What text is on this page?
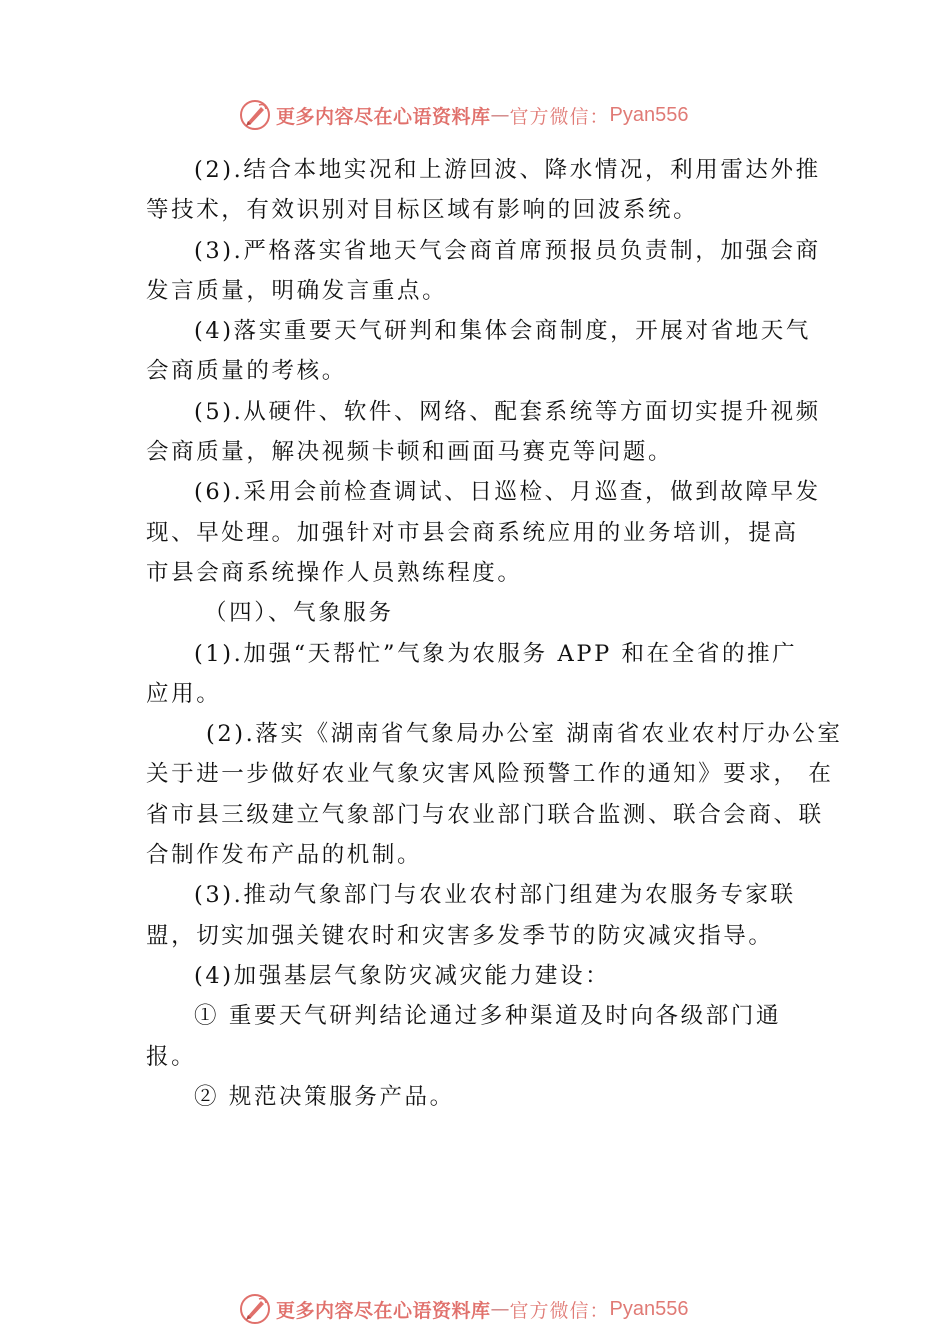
更多内容尽在心语资料库 — 官方微信： Pyan556
(2).结合本地实况和上游回波、降水情况，利用雷达外推
等技术，有效识别对目标区域有影响的回波系统。
(3).严格落实省地天气会商首席预报员负责制，加强会商
发言质量，明确发言重点。
(4)落实重要天气研判和集体会商制度，开展对省地天气
会商质量的考核。
(5).从硬件、软件、网络、配套系统等方面切实提升视频
会商质量，解决视频卡顿和画面马赛克等问题。
(6).采用会前检查调试、日巡检、月巡查，做到故障早发
现、早处理。加强针对市县会商系统应用的业务培训，提高
市县会商系统操作人员熟练程度。
（四）、气象服务
(1).加强“天帮忙”气象为农服务 APP 和在全省的推广
应用。
(2).落实《湖南省气象局办公室 湖南省农业农村厅办公室
关于进一步做好农业气象灾害风险预警工作的通知》要求， 在
省市县三级建立气象部门与农业部门联合监测、联合会商、联
合制作发布产品的机制。
(3).推动气象部门与农业农村部门组建为农服务专家联
盟，切实加强关键农时和灾害多发季节的防灾减灾指导。
(4)加强基层气象防灾减灾能力建设：
① 重要天气研判结论通过多种渠道及时向各级部门通
报。
② 规范决策服务产品。
更多内容尽在心语资料库 — 官方微信： Pyan556
